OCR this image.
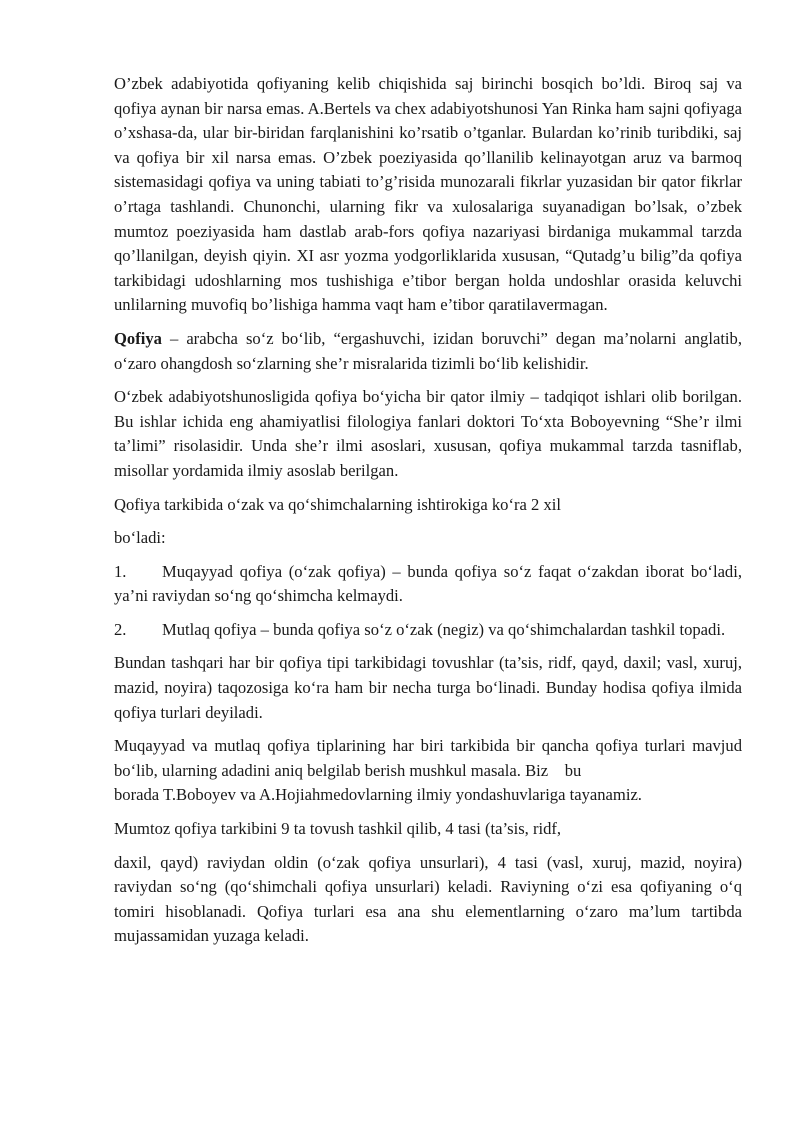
O’zbek adabiyotida qofiyaning kelib chiqishida saj birinchi bosqich bo’ldi. Biroq saj va qofiya aynan bir narsa emas. A.Bertels va chex adabiyotshunosi Yan Rinka ham sajni qofiyaga o’xshasa-da, ular bir-biridan farqlanishini ko’rsatib o’tganlar. Bulardan ko’rinib turibdiki, saj va qofiya bir xil narsa emas. O’zbek poeziyasida qo’llanilib kelinayotgan aruz va barmoq sistemasidagi qofiya va uning tabiati to’g’risida munozarali fikrlar yuzasidan bir qator fikrlar o’rtaga tashlandi. Chunonchi, ularning fikr va xulosalariga suyanadigan bo’lsak, o’zbek mumtoz poeziyasida ham dastlab arab-fors qofiya nazariyasi birdaniga mukammal tarzda qo’llanilgan, deyish qiyin. XI asr yozma yodgorliklarida xususan, “Qutadg’u bilig”da qofiya tarkibidagi udoshlarning mos tushishiga e’tibor bergan holda undoshlar orasida keluvchi unlilarning muvofiq bo’lishiga hamma vaqt ham e’tibor qaratilavermagan.

Qofiya – arabcha so‘z bo‘lib, “ergashuvchi, izidan boruvchi” degan ma’nolarni anglatib, o‘zaro ohangdosh so‘zlarning she’r misralarida tizimli bo‘lib kelishidir.

O‘zbek adabiyotshunosligida qofiya bo‘yicha bir qator ilmiy – tadqiqot ishlari olib borilgan. Bu ishlar ichida eng ahamiyatlisi filologiya fanlari doktori To‘xta Boboyevning “She’r ilmi ta’limi” risolasidir. Unda she’r ilmi asoslari, xususan, qofiya mukammal tarzda tasniflab, misollar yordamida ilmiy asoslab berilgan.

Qofiya tarkibida o‘zak va qo‘shimchalarning ishtirokiga ko‘ra 2 xil

bo‘ladi:

1. Muqayyad qofiya (o‘zak qofiya) – bunda qofiya so‘z faqat o‘zakdan iborat bo‘ladi, ya’ni raviydan so‘ng qo‘shimcha kelmaydi.

2. Mutlaq qofiya – bunda qofiya so‘z o‘zak (negiz) va qo‘shimchalardan tashkil topadi.

Bundan tashqari har bir qofiya tipi tarkibidagi tovushlar (ta’sis, ridf, qayd, daxil; vasl, xuruj, mazid, noyira) taqozosiga ko‘ra ham bir necha turga bo‘linadi. Bunday hodisa qofiya ilmida qofiya turlari deyiladi.

Muqayyad va mutlaq qofiya tiplarining har biri tarkibida bir qancha qofiya turlari mavjud bo‘lib, ularning adadini aniq belgilab berish mushkul masala. Biz    bu
borada T.Boboyev va A.Hojiahmedovlarning ilmiy yondashuvlariga tayanamiz.

Mumtoz qofiya tarkibini 9 ta tovush tashkil qilib, 4 tasi (ta’sis, ridf,

daxil, qayd) raviydan oldin (o‘zak qofiya unsurlari), 4 tasi (vasl, xuruj, mazid, noyira) raviydan so‘ng (qo‘shimchali qofiya unsurlari) keladi. Raviyning o‘zi esa qofiyaning o‘q tomiri hisoblanadi. Qofiya turlari esa ana shu elementlarning o‘zaro ma’lum tartibda mujassamidan yuzaga keladi.
